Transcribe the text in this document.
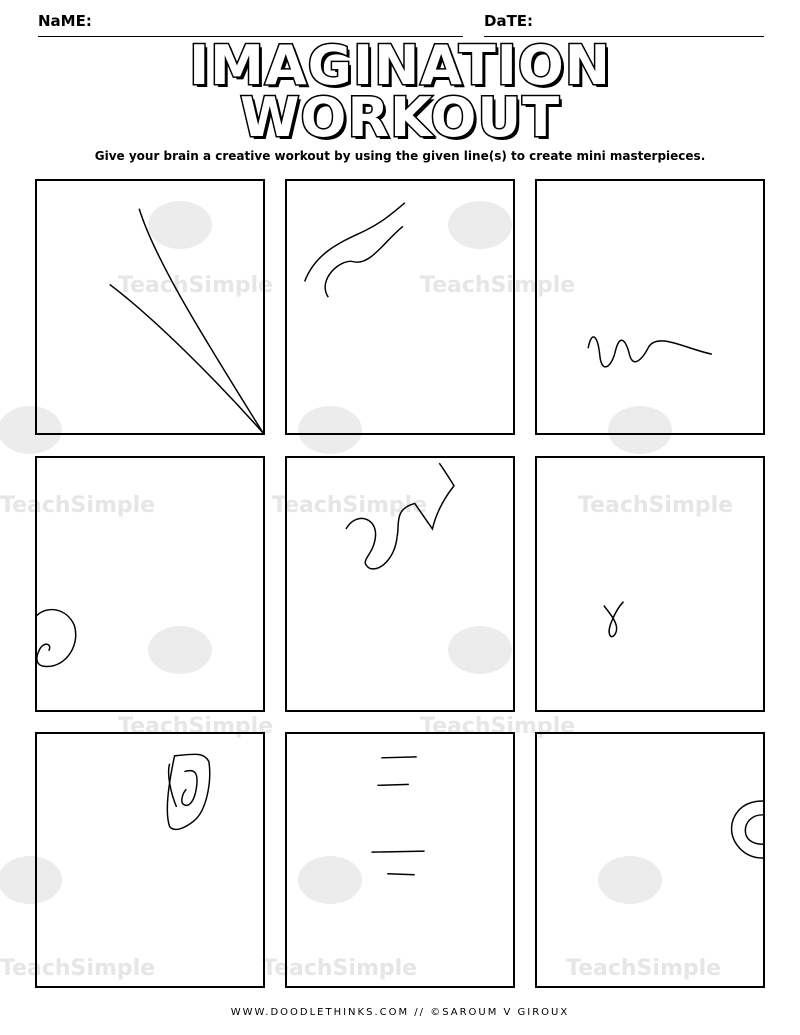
TeachSimple	TeachSimple
TeachSimple	TeachSimple	TeachSimple
TeachSimple	TeachSimple
TeachSimple	TeachSimple	TeachSimple
NaME:	DaTE:
IMAGINATION
WORKOUT
Give your brain a creative workout by using the given line(s) to create mini masterpieces.
WWW.DOODLETHINKS.COM // ©SAROUM V GIROUX
